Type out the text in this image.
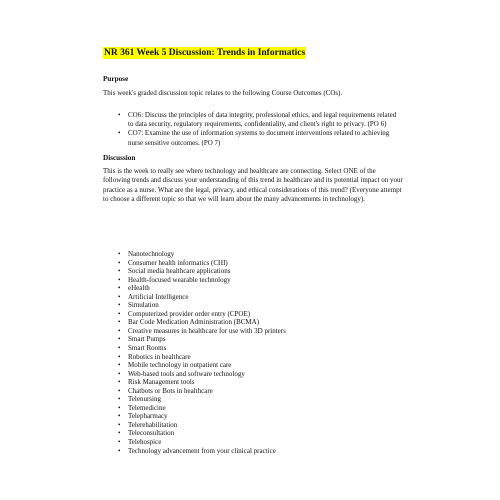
NR 361 Week 5 Discussion: Trends in Informatics
Purpose
This week's graded discussion topic relates to the following Course Outcomes (COs).
• CO6: Discuss the principles of data integrity, professional ethics, and legal requirements related to data security, regulatory requirements, confidentiality, and client's right to privacy. (PO 6)
• CO7: Examine the use of information systems to document interventions related to achieving nurse sensitive outcomes. (PO 7)
Discussion
This is the week to really see where technology and healthcare are connecting. Select ONE of the following trends and discuss your understanding of this trend in healthcare and its potential impact on your practice as a nurse. What are the legal, privacy, and ethical considerations of this trend? (Everyone attempt to choose a different topic so that we will learn about the many advancements in technology).
• Nanotechnology
• Consumer health informatics (CHI)
• Social media healthcare applications
• Health-focused wearable technology
• eHealth
• Artificial Intelligence
• Simulation
• Computerized provider order entry (CPOE)
• Bar Code Medication Administration (BCMA)
• Creative measures in healthcare for use with 3D printers
• Smart Pumps
• Smart Rooms
• Robotics in healthcare
• Mobile technology in outpatient care
• Web-based tools and software technology
• Risk Management tools
• Chatbots or Bots in healthcare
• Telenursing
• Telemedicine
• Telepharmacy
• Telerehabilitation
• Teleconsultation
• Telehospice
• Technology advancement from your clinical practice
